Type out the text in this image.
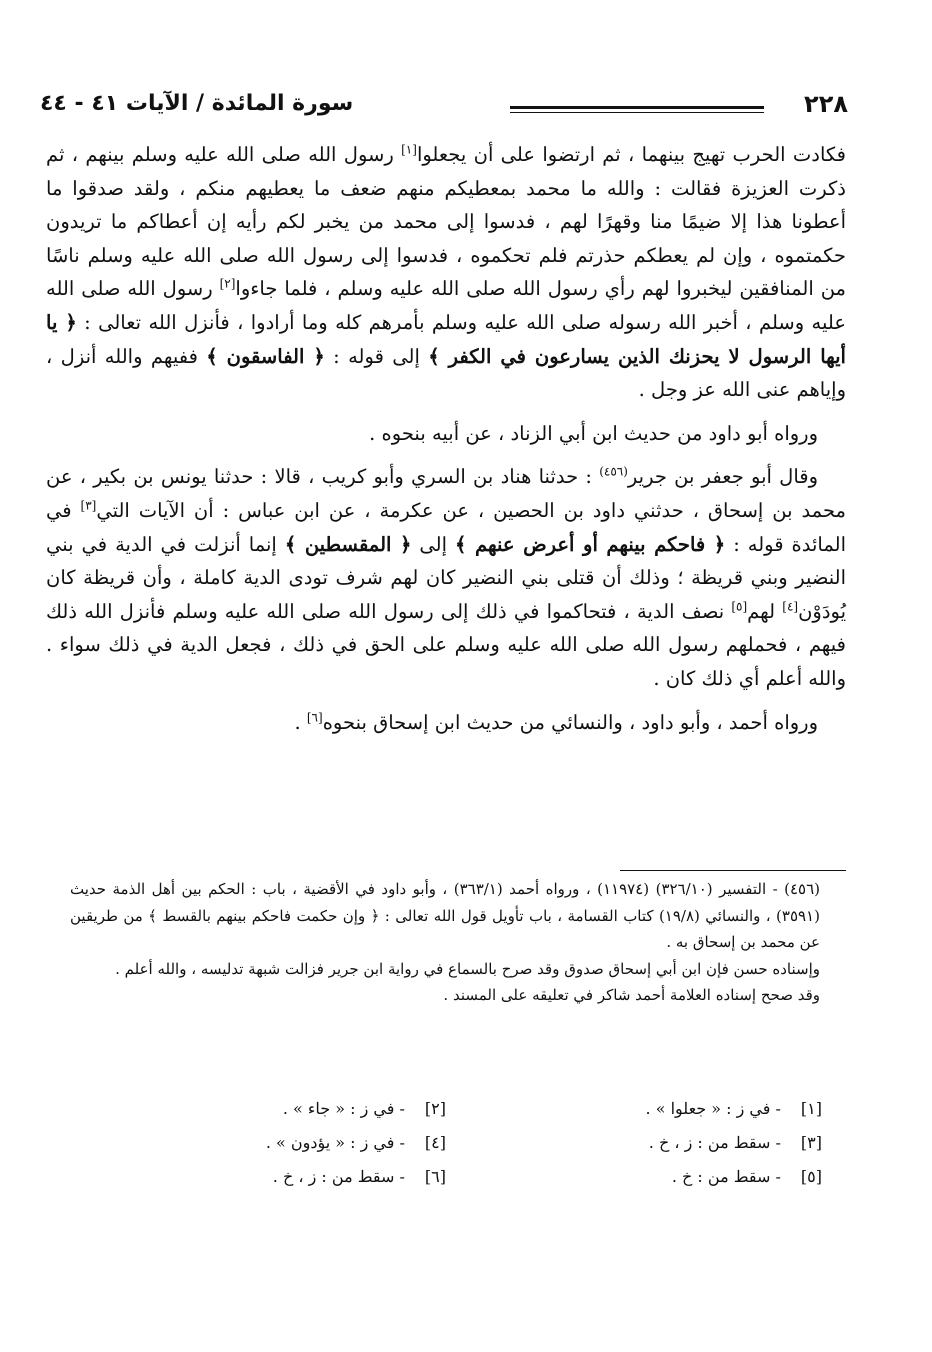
٢٢٨
سورة المائدة / الآيات ٤١ - ٤٤

فكادت الحرب تهيج بينهما ، ثم ارتضوا على أن يجعلوا[١] رسول الله صلى الله عليه وسلم بينهم ، ثم ذكرت العزيزة فقالت : والله ما محمد بمعطيكم منهم ضعف ما يعطيهم منكم ، ولقد صدقوا ما أعطونا هذا إلا ضيمًا منا وقهرًا لهم ، فدسوا إلى محمد من يخبر لكم رأيه إن أعطاكم ما تريدون حكمتموه ، وإن لم يعطكم حذرتم فلم تحكموه ، فدسوا إلى رسول الله صلى الله عليه وسلم ناسًا من المنافقين ليخبروا لهم رأي رسول الله صلى الله عليه وسلم ، فلما جاءوا[٢] رسول الله صلى الله عليه وسلم ، أخبر الله رسوله صلى الله عليه وسلم بأمرهم كله وما أرادوا ، فأنزل الله تعالى : ﴿ يا أيها الرسول لا يحزنك الذين يسارعون في الكفر ﴾ إلى قوله : ﴿ الفاسقون ﴾ ففيهم والله أنزل ، وإياهم عنى الله عز وجل .

ورواه أبو داود من حديث ابن أبي الزناد ، عن أبيه بنحوه .

وقال أبو جعفر بن جرير$^{(٤٥٦)}$ : حدثنا هناد بن السري وأبو كريب ، قالا : حدثنا يونس بن بكير ، عن محمد بن إسحاق ، حدثني داود بن الحصين ، عن عكرمة ، عن ابن عباس : أن الآيات التي[٣] في المائدة قوله : ﴿ فاحكم بينهم أو أعرض عنهم ﴾ إلى ﴿ المقسطين ﴾ إنما أنزلت في الدية في بني النضير وبني قريظة ؛ وذلك أن قتلى بني النضير كان لهم شرف تودى الدية كاملة ، وأن قريظة كان يُودَوْن[٤] لهم[٥] نصف الدية ، فتحاكموا في ذلك إلى رسول الله صلى الله عليه وسلم فأنزل الله ذلك فيهم ، فحملهم رسول الله صلى الله عليه وسلم على الحق في ذلك ، فجعل الدية في ذلك سواء . والله أعلم أي ذلك كان .

ورواه أحمد ، وأبو داود ، والنسائي من حديث ابن إسحاق بنحوه[٦] .

(٤٥٦) - التفسير (٣٢٦/١٠) (١١٩٧٤) ، ورواه أحمد (٣٦٣/١) ، وأبو داود في الأقضية ، باب : الحكم بين أهل الذمة حديث (٣٥٩١) ، والنسائي (١٩/٨) كتاب القسامة ، باب تأويل قول الله تعالى : ﴿ وإن حكمت فاحكم بينهم بالقسط ﴾ من طريقين عن محمد بن إسحاق به .

وإسناده حسن فإن ابن أبي إسحاق صدوق وقد صرح بالسماع في رواية ابن جرير فزالت شبهة تدليسه ، والله أعلم .

وقد صحح إسناده العلامة أحمد شاكر في تعليقه على المسند .

[١] - في ز : « جعلوا » .
[٢] - في ز : « جاء » .
[٣] - سقط من : ز ، خ .
[٤] - في ز : « يؤدون » .
[٥] - سقط من : خ .
[٦] - سقط من : ز ، خ .
